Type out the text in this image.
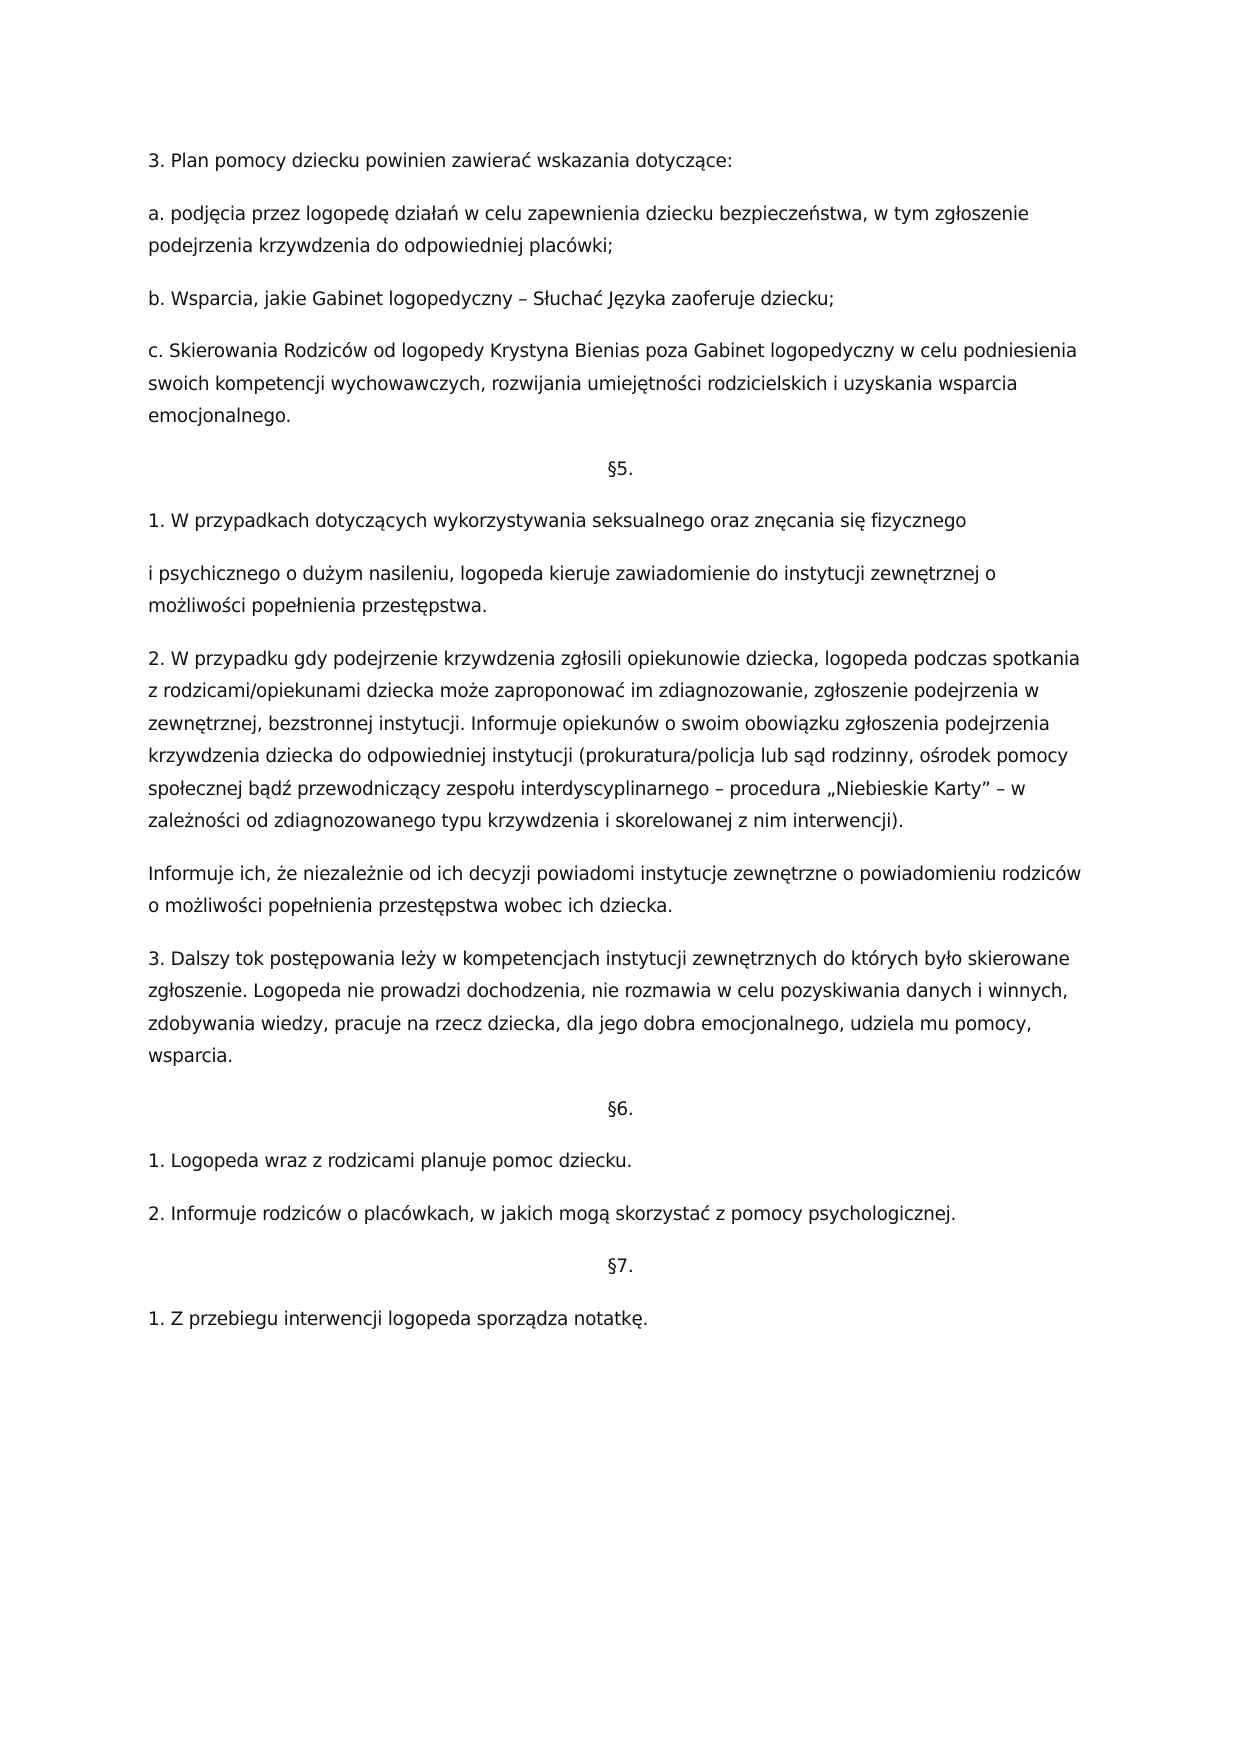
3. Plan pomocy dziecku powinien zawierać wskazania dotyczące:

a. podjęcia przez logopedę działań w celu zapewnienia dziecku bezpieczeństwa, w tym zgłoszenie podejrzenia krzywdzenia do odpowiedniej placówki;

b. Wsparcia, jakie Gabinet logopedyczny – Słuchać Języka zaoferuje dziecku;

c. Skierowania Rodziców od logopedy Krystyna Bienias poza Gabinet logopedyczny w celu podniesienia swoich kompetencji wychowawczych, rozwijania umiejętności rodzicielskich i uzyskania wsparcia emocjonalnego.

§5.

1. W przypadkach dotyczących wykorzystywania seksualnego oraz znęcania się fizycznego

i psychicznego o dużym nasileniu, logopeda kieruje zawiadomienie do instytucji zewnętrznej o możliwości popełnienia przestępstwa.

2. W przypadku gdy podejrzenie krzywdzenia zgłosili opiekunowie dziecka, logopeda podczas spotkania z rodzicami/opiekunami dziecka może zaproponować im zdiagnozowanie, zgłoszenie podejrzenia w zewnętrznej, bezstronnej instytucji. Informuje opiekunów o swoim obowiązku zgłoszenia podejrzenia krzywdzenia dziecka do odpowiedniej instytucji (prokuratura/policja lub sąd rodzinny, ośrodek pomocy społecznej bądź przewodniczący zespołu interdyscyplinarnego – procedura „Niebieskie Karty” – w zależności od zdiagnozowanego typu krzywdzenia i skorelowanej z nim interwencji).

Informuje ich, że niezależnie od ich decyzji powiadomi instytucje zewnętrzne o powiadomieniu rodziców o możliwości popełnienia przestępstwa wobec ich dziecka.

3. Dalszy tok postępowania leży w kompetencjach instytucji zewnętrznych do których było skierowane zgłoszenie. Logopeda nie prowadzi dochodzenia, nie rozmawia w celu pozyskiwania danych i winnych, zdobywania wiedzy, pracuje na rzecz dziecka, dla jego dobra emocjonalnego, udziela mu pomocy, wsparcia.

§6.

1. Logopeda wraz z rodzicami planuje pomoc dziecku.

2. Informuje rodziców o placówkach, w jakich mogą skorzystać z pomocy psychologicznej.

§7.

1. Z przebiegu interwencji logopeda sporządza notatkę.
